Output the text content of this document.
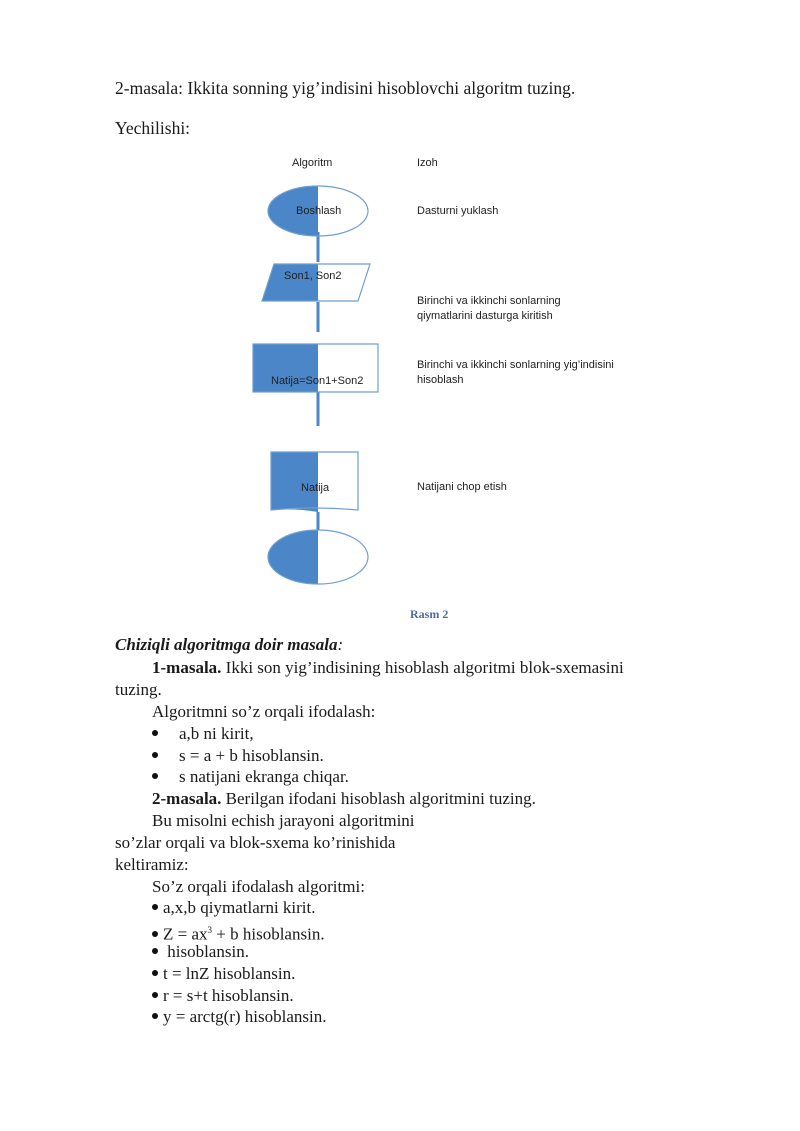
2-masala: Ikkita sonning yig’indisini hisoblovchi algoritm tuzing.
Yechilishi:
Algoritm	Izoh
Boshlash
Son1, Son2
Natija=Son1+Son2
Natija
Dasturni yuklash
Birinchi va ikkinchi sonlarning
qiymatlarini dasturga kiritish
Birinchi va ikkinchi sonlarning yig’indisini
hisoblash
Natijani chop etish
Rasm 2
Chiziqli algoritmga doir masala:
1-masala. Ikki son yig’indisining hisoblash algoritmi blok-sxemasini
tuzing.
Algoritmni so’z orqali ifodalash:
a,b ni kirit,
s = a + b hisoblansin.
s natijani ekranga chiqar.
2-masala. Berilgan ifodani hisoblash algoritmini tuzing.
Bu misolni echish jarayoni algoritmini
so’zlar orqali va blok-sxema ko’rinishida
keltiramiz:
So’z orqali ifodalash algoritmi:
a,x,b qiymatlarni kirit.
$Z = ax^3 + b$ hisoblansin.
hisoblansin.
t = lnZ hisoblansin.
r = s+t hisoblansin.
y = arctg(r) hisoblansin.
